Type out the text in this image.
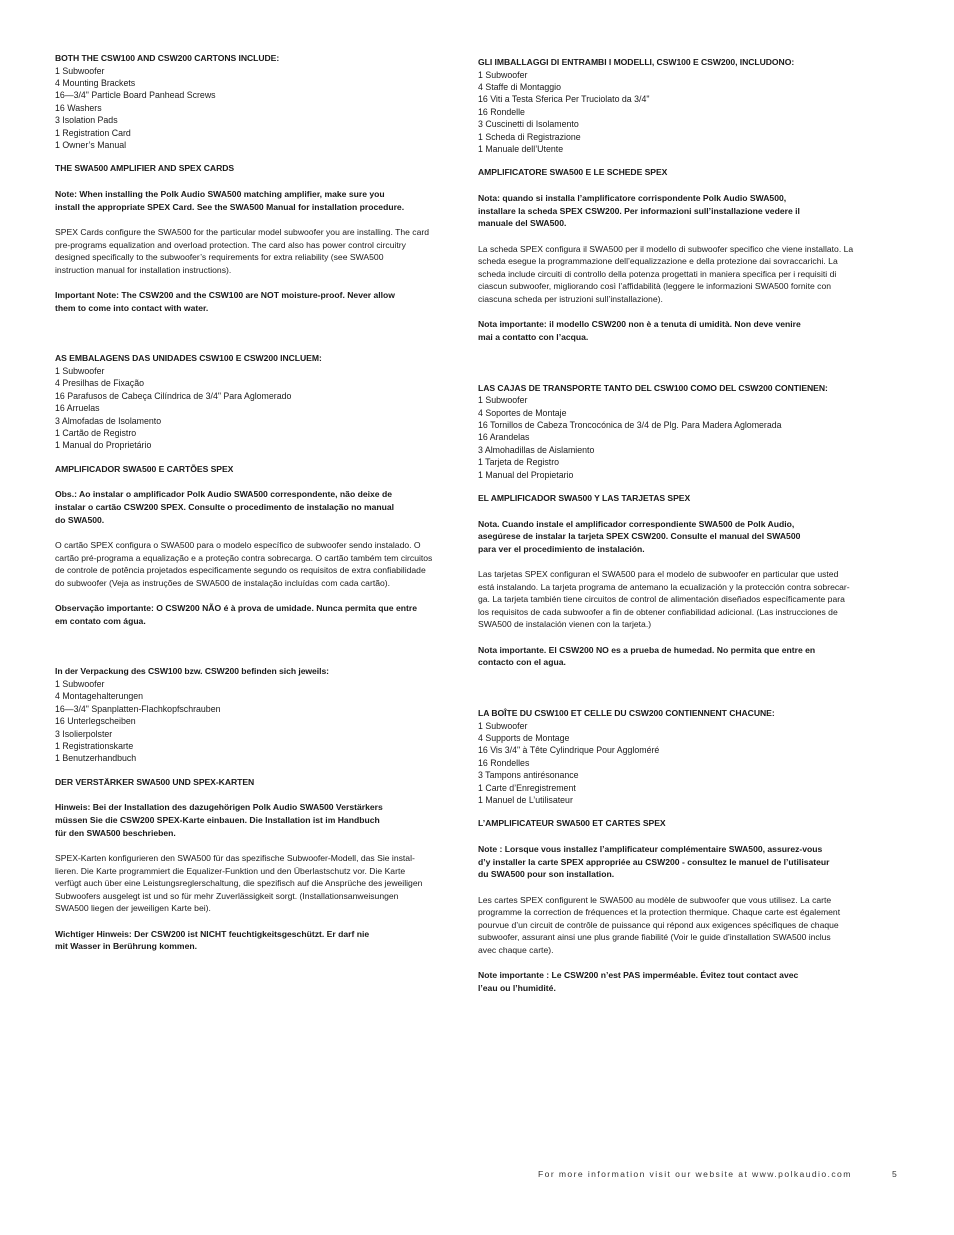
BOTH THE CSW100 AND CSW200 CARTONS INCLUDE:

1 Subwoofer

4 Mounting Brackets

16—3/4" Particle Board Panhead Screws

16 Washers

3 Isolation Pads

1 Registration Card

1 Owner’s Manual

THE SWA500 AMPLIFIER AND SPEX CARDS

Note: When installing the Polk Audio SWA500 matching amplifier, make sure you

install the appropriate SPEX Card. See the SWA500 Manual for installation procedure.

SPEX Cards configure the SWA500 for the particular model subwoofer you are installing. The card

pre-programs equalization and overload protection. The card also has power control circuitry

designed specifically to the subwoofer’s requirements for extra reliability (see SWA500

instruction manual for installation instructions).

Important Note: The CSW200 and the CSW100 are NOT moisture-proof. Never allow

them to come into contact with water.

AS EMBALAGENS DAS UNIDADES CSW100 E CSW200 INCLUEM:

1 Subwoofer

4 Presilhas de Fixação

16 Parafusos de Cabeça Cilíndrica de 3/4" Para Aglomerado

16 Arruelas

3 Almofadas de Isolamento

1 Cartão de Registro

1 Manual do Proprietário

AMPLIFICADOR SWA500 E CARTÕES SPEX

Obs.: Ao instalar o amplificador Polk Audio SWA500 correspondente, não deixe de

instalar o cartão CSW200 SPEX. Consulte o procedimento de instalação no manual

do SWA500.

O cartão SPEX configura o SWA500 para o modelo específico de subwoofer sendo instalado. O

cartão pré-programa a equalização e a proteção contra sobrecarga. O cartão também tem circuitos

de controle de potência projetados especificamente segundo os requisitos de extra confiabilidade

do subwoofer (Veja as instruções de SWA500 de instalação incluídas com cada cartão).

Observação importante: O CSW200 NÃO é à prova de umidade. Nunca permita que entre

em contato com água.

In der Verpackung des CSW100 bzw. CSW200 befinden sich jeweils:

1 Subwoofer

4 Montagehalterungen

16—3/4" Spanplatten-Flachkopfschrauben

16 Unterlegscheiben

3 Isolierpolster

1 Registrationskarte

1 Benutzerhandbuch

DER VERSTÄRKER SWA500 UND SPEX-KARTEN

Hinweis: Bei der Installation des dazugehörigen Polk Audio SWA500 Verstärkers

müssen Sie die CSW200 SPEX-Karte einbauen. Die Installation ist im Handbuch

für den SWA500 beschrieben.

SPEX-Karten konfigurieren den SWA500 für das spezifische Subwoofer-Modell, das Sie instal-

lieren. Die Karte programmiert die Equalizer-Funktion und den Überlastschutz vor. Die Karte

verfügt auch über eine Leistungsreglerschaltung, die spezifisch auf die Ansprüche des jeweiligen

Subwoofers ausgelegt ist und so für mehr Zuverlässigkeit sorgt. (Installationsanweisungen

SWA500 liegen der jeweiligen Karte bei).

Wichtiger Hinweis: Der CSW200 ist NICHT feuchtigkeitsgeschützt. Er darf nie

mit Wasser in Berührung kommen.

GLI IMBALLAGGI DI ENTRAMBI I MODELLI, CSW100 E CSW200, INCLUDONO:

1 Subwoofer

4 Staffe di Montaggio

16 Viti a Testa Sferica Per Truciolato da 3/4"

16 Rondelle

3 Cuscinetti di Isolamento

1 Scheda di Registrazione

1 Manuale dell’Utente

AMPLIFICATORE SWA500 E LE SCHEDE SPEX

Nota: quando si installa l’amplificatore corrispondente Polk Audio SWA500,

installare la scheda SPEX CSW200. Per informazioni sull’installazione vedere il

manuale del SWA500.

La scheda SPEX configura il SWA500 per il modello di subwoofer specifico che viene installato. La

scheda esegue la programmazione dell’equalizzazione e della protezione dai sovraccarichi. La

scheda include circuiti di controllo della potenza progettati in maniera specifica per i requisiti di

ciascun subwoofer, migliorando così l’affidabilità (leggere le informazioni SWA500 fornite con

ciascuna scheda per istruzioni sull’installazione).

Nota importante: il modello CSW200 non è a tenuta di umidità. Non deve venire

mai a contatto con l’acqua.

LAS CAJAS DE TRANSPORTE TANTO DEL CSW100 COMO DEL CSW200 CONTIENEN:

1 Subwoofer

4 Soportes de Montaje

16 Tornillos de Cabeza Troncocónica de 3/4 de Plg. Para Madera Aglomerada

16 Arandelas

3 Almohadillas de Aislamiento

1 Tarjeta de Registro

1 Manual del Propietario

EL AMPLIFICADOR SWA500 Y LAS TARJETAS SPEX

Nota. Cuando instale el amplificador correspondiente SWA500 de Polk Audio,

asegúrese de instalar la tarjeta SPEX CSW200. Consulte el manual del SWA500

para ver el procedimiento de instalación.

Las tarjetas SPEX configuran el SWA500 para el modelo de subwoofer en particular que usted

está instalando. La tarjeta programa de antemano la ecualización y la protección contra sobrecar-

ga. La tarjeta también tiene circuitos de control de alimentación diseñados específicamente para

los requisitos de cada subwoofer a fin de obtener confiabilidad adicional. (Las instrucciones de

SWA500 de instalación vienen con la tarjeta.)

Nota importante. El CSW200 NO es a prueba de humedad. No permita que entre en

contacto con el agua.

LA BOÎTE DU CSW100 ET CELLE DU CSW200 CONTIENNENT CHACUNE:

1 Subwoofer

4 Supports de Montage

16 Vis 3/4" à Tête Cylindrique Pour Aggloméré

16 Rondelles

3 Tampons antirésonance

1 Carte d’Enregistrement

1 Manuel de L’utilisateur

L’AMPLIFICATEUR SWA500 ET CARTES SPEX

Note : Lorsque vous installez l’amplificateur complémentaire SWA500, assurez-vous

d’y installer la carte SPEX appropriée au CSW200 - consultez le manuel de l’utilisateur

du SWA500 pour son installation.

Les cartes SPEX configurent le SWA500 au modèle de subwoofer que vous utilisez. La carte

programme la correction de fréquences et la protection thermique. Chaque carte est également

pourvue d’un circuit de contrôle de puissance qui répond aux exigences spécifiques de chaque

subwoofer, assurant ainsi une plus grande fiabilité (Voir le guide d’installation SWA500 inclus

avec chaque carte).

Note importante : Le CSW200 n’est PAS imperméable. Évitez tout contact avec

l’eau ou l’humidité.

For more information visit our website at www.polkaudio.com	5
